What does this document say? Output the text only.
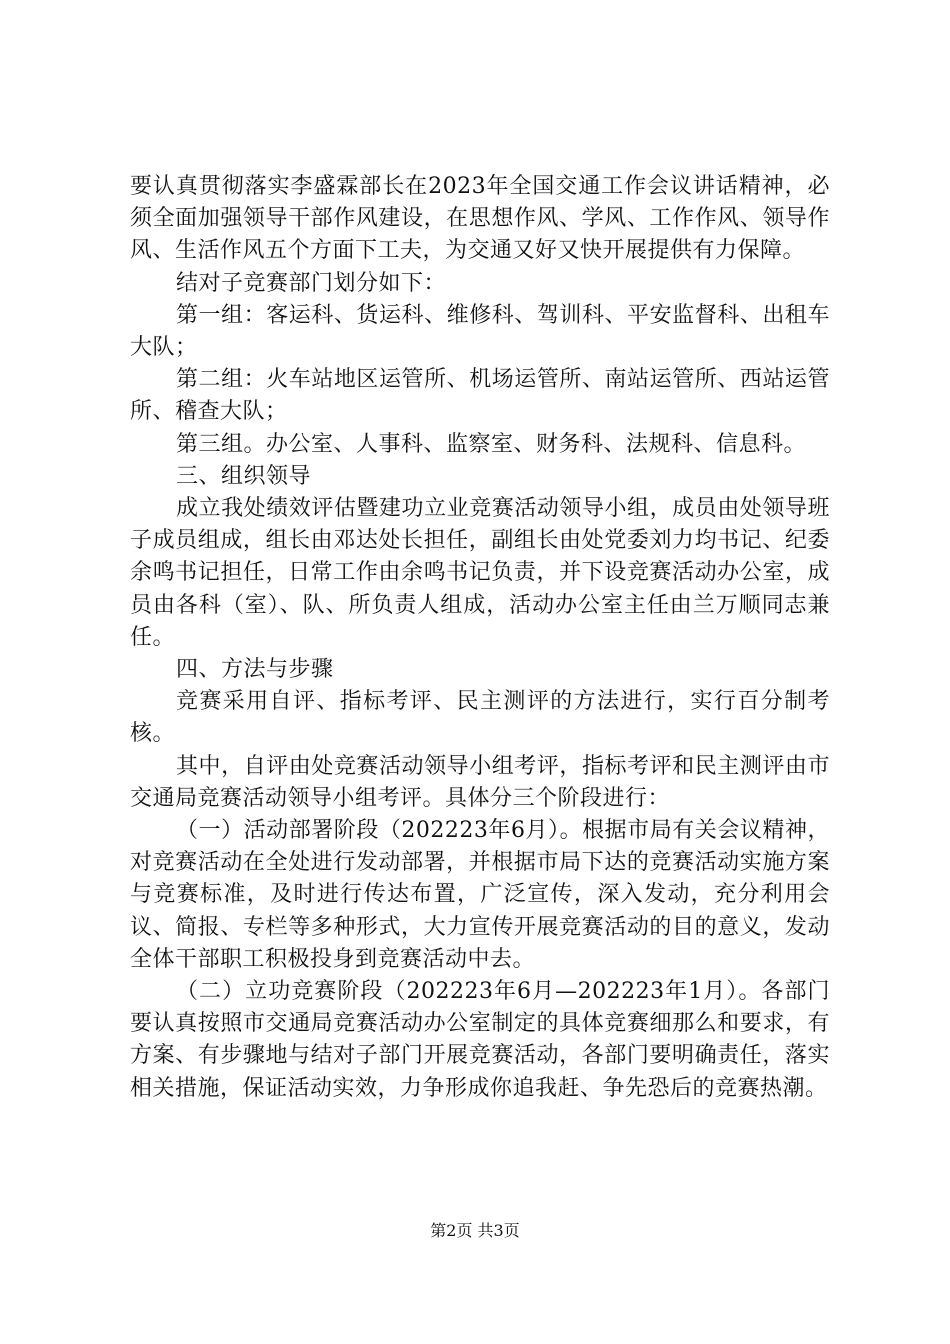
要认真贯彻落实李盛霖部长在2023年全国交通工作会议讲话精神，必须全面加强领导干部作风建设，在思想作风、学风、工作作风、领导作风、生活作风五个方面下工夫，为交通又好又快开展提供有力保障。

结对子竞赛部门划分如下：

第一组：客运科、货运科、维修科、驾训科、平安监督科、出租车大队；

第二组：火车站地区运管所、机场运管所、南站运管所、西站运管所、稽查大队；

第三组。办公室、人事科、监察室、财务科、法规科、信息科。

三、组织领导

成立我处绩效评估暨建功立业竞赛活动领导小组，成员由处领导班子成员组成，组长由邓达处长担任，副组长由处党委刘力均书记、纪委余鸣书记担任，日常工作由余鸣书记负责，并下设竞赛活动办公室，成员由各科（室）、队、所负责人组成，活动办公室主任由兰万顺同志兼任。

四、方法与步骤

竞赛采用自评、指标考评、民主测评的方法进行，实行百分制考核。

其中，自评由处竞赛活动领导小组考评，指标考评和民主测评由市交通局竞赛活动领导小组考评。具体分三个阶段进行：

（一）活动部署阶段（202223年6月）。根据市局有关会议精神，对竞赛活动在全处进行发动部署，并根据市局下达的竞赛活动实施方案与竞赛标准，及时进行传达布置，广泛宣传，深入发动，充分利用会议、简报、专栏等多种形式，大力宣传开展竞赛活动的目的意义，发动全体干部职工积极投身到竞赛活动中去。

（二）立功竞赛阶段（202223年6月—202223年1月）。各部门要认真按照市交通局竞赛活动办公室制定的具体竞赛细那么和要求，有方案、有步骤地与结对子部门开展竞赛活动，各部门要明确责任，落实相关措施，保证活动实效，力争形成你追我赶、争先恐后的竞赛热潮。

第2页 共3页
